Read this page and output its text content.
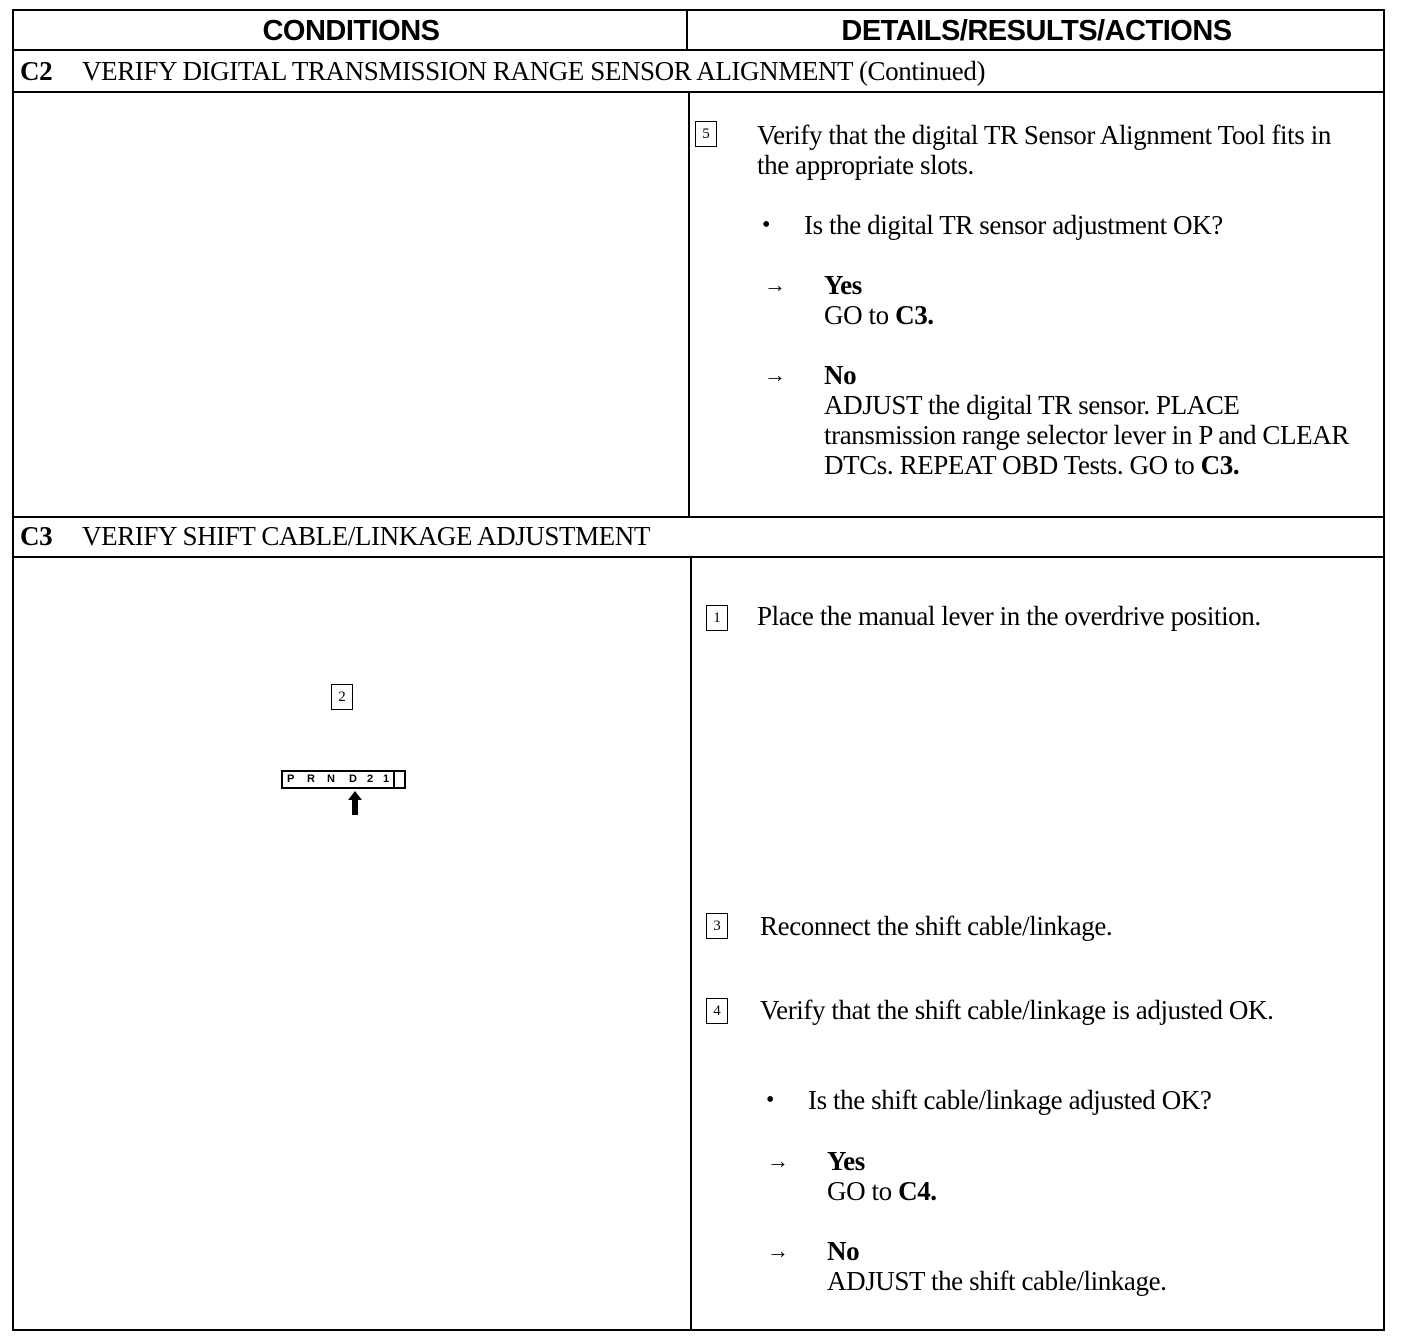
CONDITIONS	DETAILS/RESULTS/ACTIONS
C2 VERIFY DIGITAL TRANSMISSION RANGE SENSOR ALIGNMENT (Continued)
C3 VERIFY SHIFT CABLE/LINKAGE ADJUSTMENT
5 Verify that the digital TR Sensor Alignment Tool fits in the appropriate slots.
• Is the digital TR sensor adjustment OK?
→ Yes
GO to C3.
→ No
ADJUST the digital TR sensor. PLACE transmission range selector lever in P and CLEAR DTCs. REPEAT OBD Tests. GO to C3.
2
P R N D 2 1
1 Place the manual lever in the overdrive position.
3 Reconnect the shift cable/linkage.
4 Verify that the shift cable/linkage is adjusted OK.
• Is the shift cable/linkage adjusted OK?
→ Yes
GO to C4.
→ No
ADJUST the shift cable/linkage.
